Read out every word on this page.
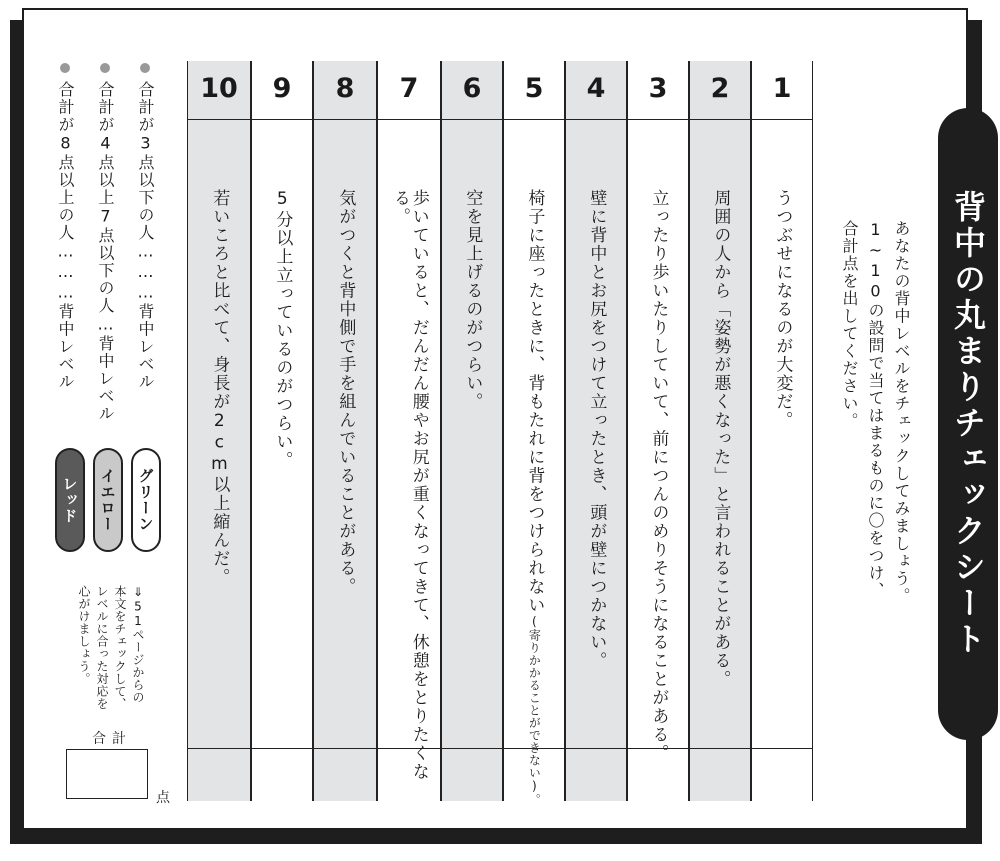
背中の丸まりチェックシート
あなたの背中レベルをチェックしてみましょう。
1~10の設問で当てはまるものに〇をつけ、
合計点を出してください。
1
うつぶせになるのが大変だ。
2
周囲の人から「姿勢が悪くなった」と言われることがある。
3
立ったり歩いたりしていて、前につんのめりそうになることがある。
4
壁に背中とお尻をつけて立ったとき、頭が壁につかない。
5
椅子に座ったときに、背もたれに背をつけられない(寄りかかることができない)。
6
空を見上げるのがつらい。
7
歩いていると、だんだん腰やお尻が重くなってきて、休憩をとりたくなる。
8
気がつくと背中側で手を組んでいることがある。
9
5分以上立っているのがつらい。
10
若いころと比べて、身長が2cm以上縮んだ。
合計が3点以下の人………背中レベル
合計が4点以上7点以下の人…背中レベル
合計が8点以上の人………背中レベル
グリーン
イエロー
レッド
⇓51ページからの
本文をチェックして、
レベルに合った対応を
心がけましょう。
合計
点
